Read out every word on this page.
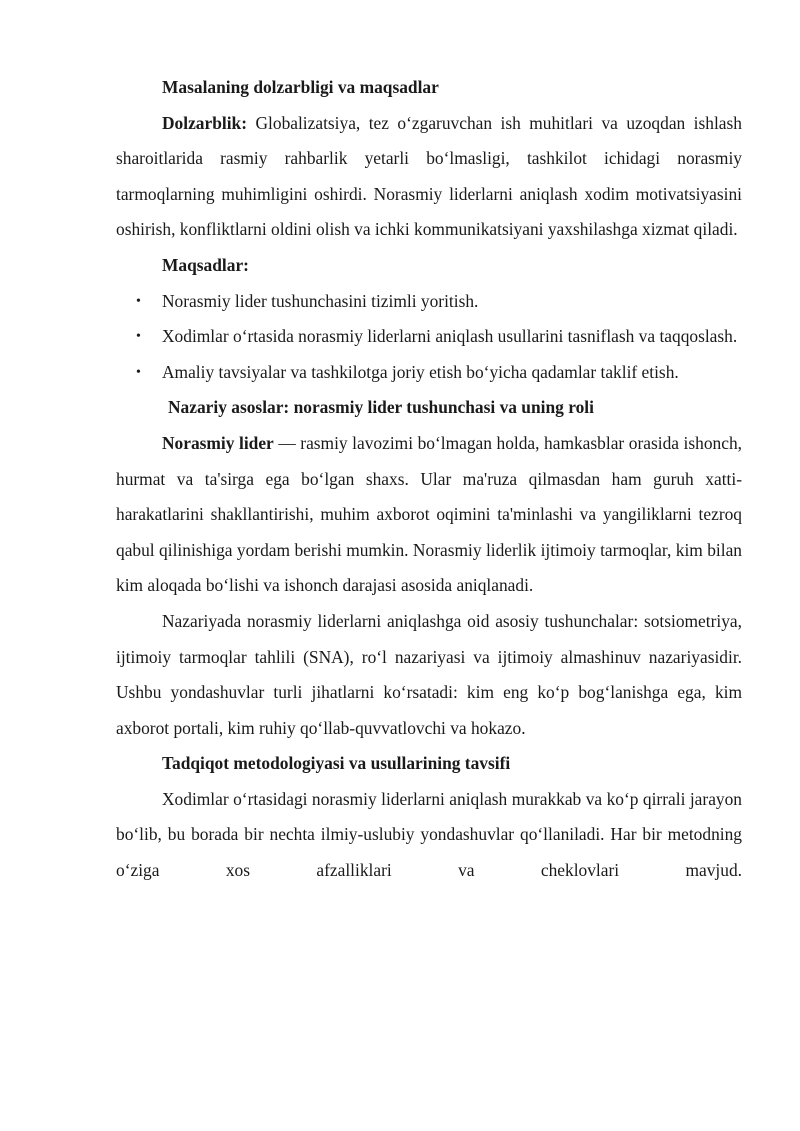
Masalaning dolzarbligi va maqsadlar

Dolzarblik: Globalizatsiya, tez oʻzgaruvchan ish muhitlari va uzoqdan ishlash sharoitlarida rasmiy rahbarlik yetarli boʻlmasligi, tashkilot ichidagi norasmiy tarmoqlarning muhimligini oshirdi. Norasmiy liderlarni aniqlash xodim motivatsiyasini oshirish, konfliktlarni oldini olish va ichki kommunikatsiyani yaxshilashga xizmat qiladi.

Maqsadlar:
• Norasmiy lider tushunchasini tizimli yoritish.
• Xodimlar oʻrtasida norasmiy liderlarni aniqlash usullarini tasniflash va taqqoslash.
• Amaliy tavsiyalar va tashkilotga joriy etish boʻyicha qadamlar taklif etish.
Nazariy asoslar: norasmiy lider tushunchasi va uning roli

Norasmiy lider — rasmiy lavozimi boʻlmagan holda, hamkasblar orasida ishonch, hurmat va ta'sirga ega boʻlgan shaxs. Ular ma'ruza qilmasdan ham guruh xatti-harakatlarini shakllantirishi, muhim axborot oqimini ta'minlashi va yangiliklarni tezroq qabul qilinishiga yordam berishi mumkin. Norasmiy liderlik ijtimoiy tarmoqlar, kim bilan kim aloqada boʻlishi va ishonch darajasi asosida aniqlanadi.

Nazariyada norasmiy liderlarni aniqlashga oid asosiy tushunchalar: sotsiometriya, ijtimoiy tarmoqlar tahlili (SNA), roʻl nazariyasi va ijtimoiy almashinuv nazariyasidir. Ushbu yondashuvlar turli jihatlarni koʻrsatadi: kim eng koʻp bogʻlanishga ega, kim axborot portali, kim ruhiy qoʻllab-quvvatlovchi va hokazo.

Tadqiqot metodologiyasi va usullarining tavsifi

Xodimlar oʻrtasidagi norasmiy liderlarni aniqlash murakkab va koʻp qirrali jarayon boʻlib, bu borada bir nechta ilmiy-uslubiy yondashuvlar qoʻllaniladi. Har bir metodning oʻziga xos afzalliklari va cheklovlari mavjud.
